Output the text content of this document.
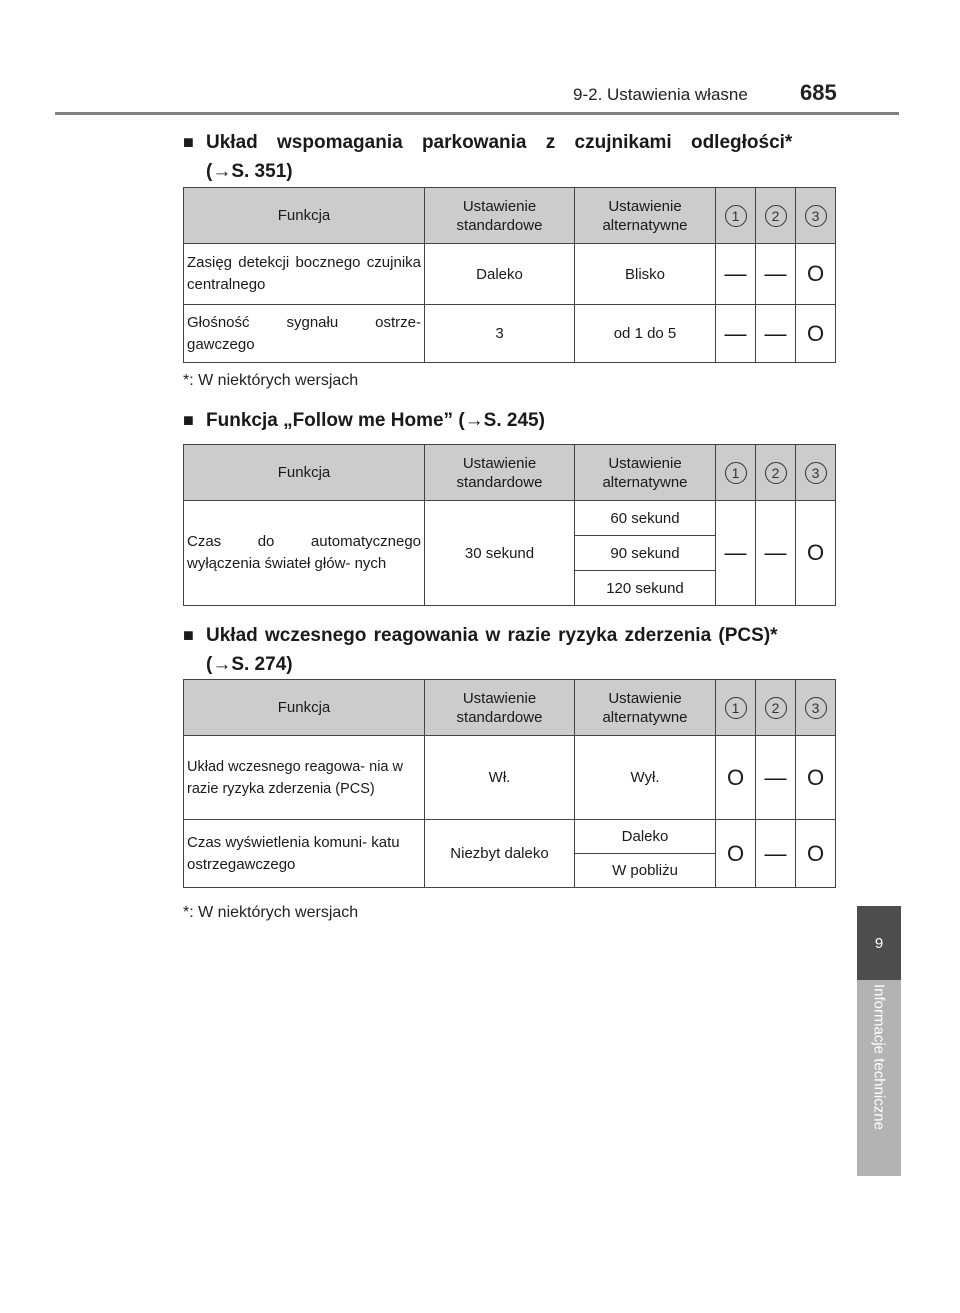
9-2. Ustawienia własne 685
9
Informacje techniczne
■ Układ wspomagania parkowania z czujnikami odległości*
(→S. 351)
Funkcja	Ustawienie standardowe	Ustawienie alternatywne	1	2	3
Zasięg detekcji bocznego czujnika centralnego	Daleko	Blisko	—	—	O
Głośność sygnału ostrze- gawczego	3	od 1 do 5	—	—	O
*: W niektórych wersjach
■ Funkcja „Follow me Home” (→S. 245)
Funkcja	Ustawienie standardowe	Ustawienie alternatywne	1	2	3
Czas do automatycznego wyłączenia świateł głów- nych	30 sekund	60 sekund	—	—	O
		90 sekund			
		120 sekund			
■ Układ wczesnego reagowania w razie ryzyka zderzenia (PCS)*
(→S. 274)
Funkcja	Ustawienie standardowe	Ustawienie alternatywne	1	2	3
Układ wczesnego reagowa- nia w razie ryzyka zderzenia (PCS)	Wł.	Wył.	O	—	O
Czas wyświetlenia komuni- katu ostrzegawczego	Niezbyt daleko	Daleko	O	—	O
		W pobliżu			
*: W niektórych wersjach
